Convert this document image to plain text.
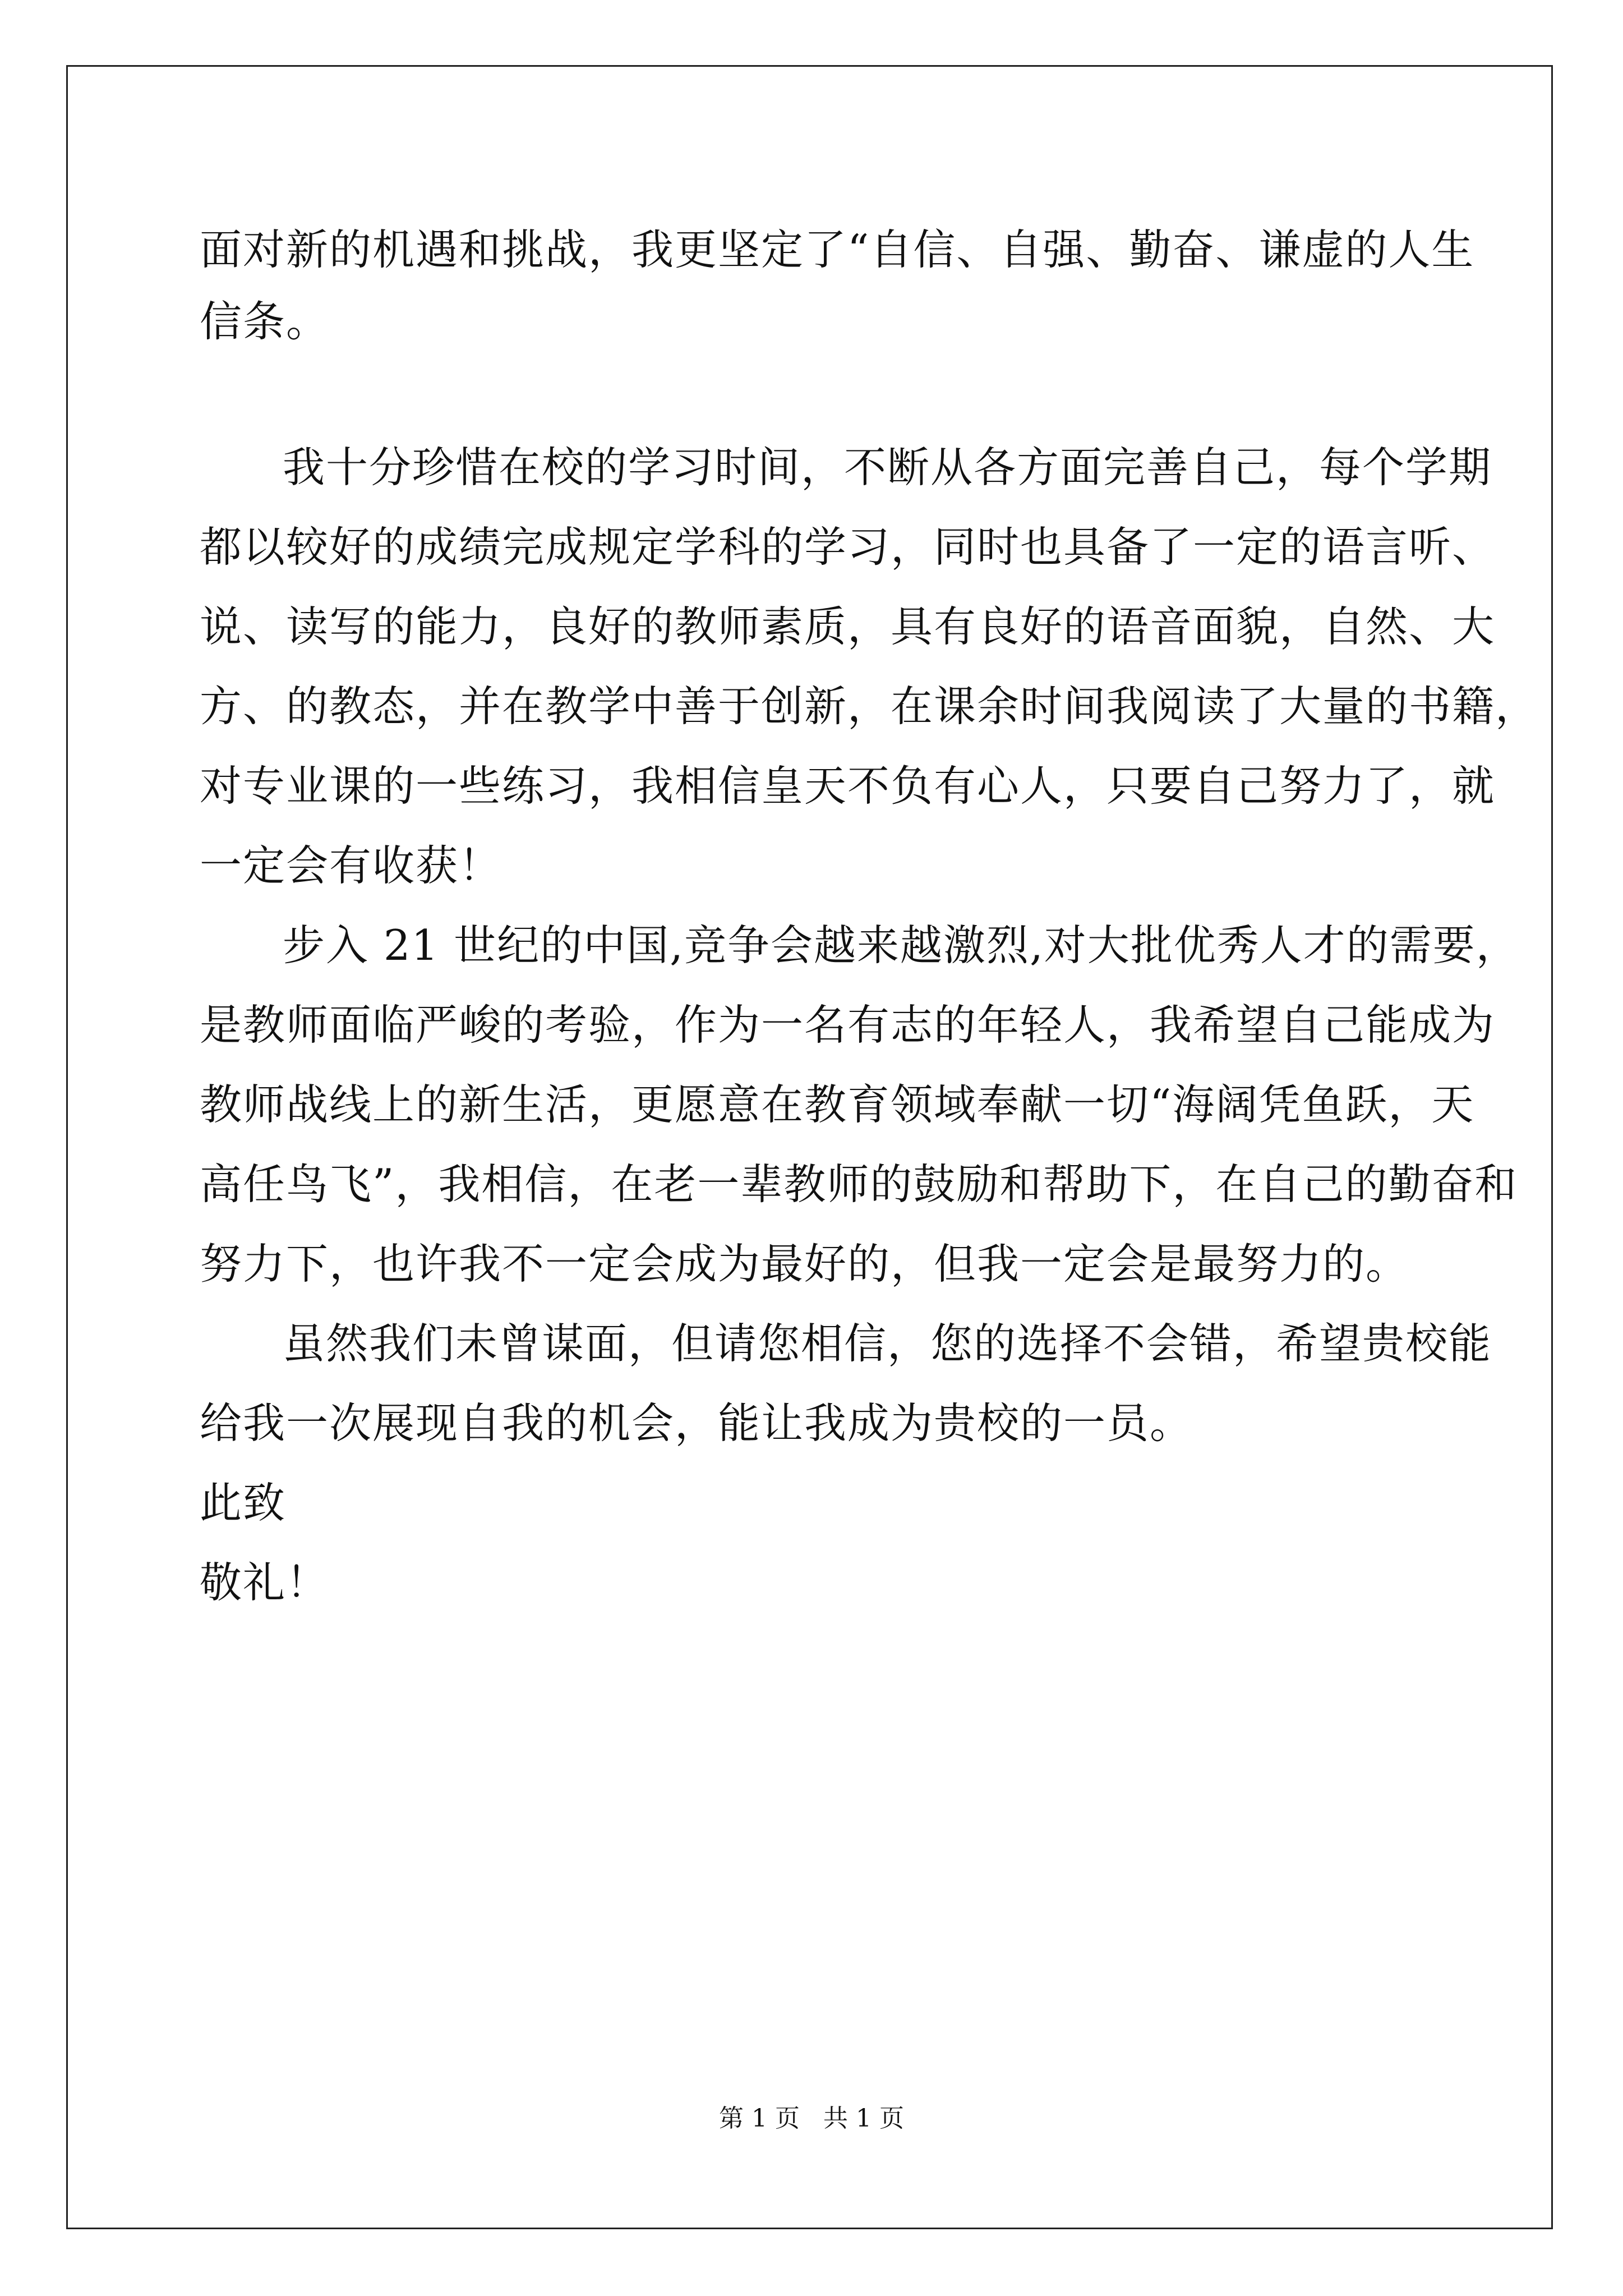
面对新的机遇和挑战，我更坚定了“自信、自强、勤奋、谦虚的人生

信条。

我十分珍惜在校的学习时间，不断从各方面完善自己，每个学期

都以较好的成绩完成规定学科的学习，同时也具备了一定的语言听、

说、读写的能力，良好的教师素质，具有良好的语音面貌，自然、大

方、的教态，并在教学中善于创新，在课余时间我阅读了大量的书籍，

对专业课的一些练习，我相信皇天不负有心人，只要自己努力了，就

一定会有收获！

步入 21 世纪的中国,竞争会越来越激烈,对大批优秀人才的需要，

是教师面临严峻的考验，作为一名有志的年轻人，我希望自己能成为

教师战线上的新生活，更愿意在教育领域奉献一切“海阔凭鱼跃，天

高任鸟飞”，我相信，在老一辈教师的鼓励和帮助下，在自己的勤奋和

努力下，也许我不一定会成为最好的，但我一定会是最努力的。

虽然我们未曾谋面，但请您相信，您的选择不会错，希望贵校能

给我一次展现自我的机会，能让我成为贵校的一员。

此致

敬礼！

第 1 页 共 1 页
